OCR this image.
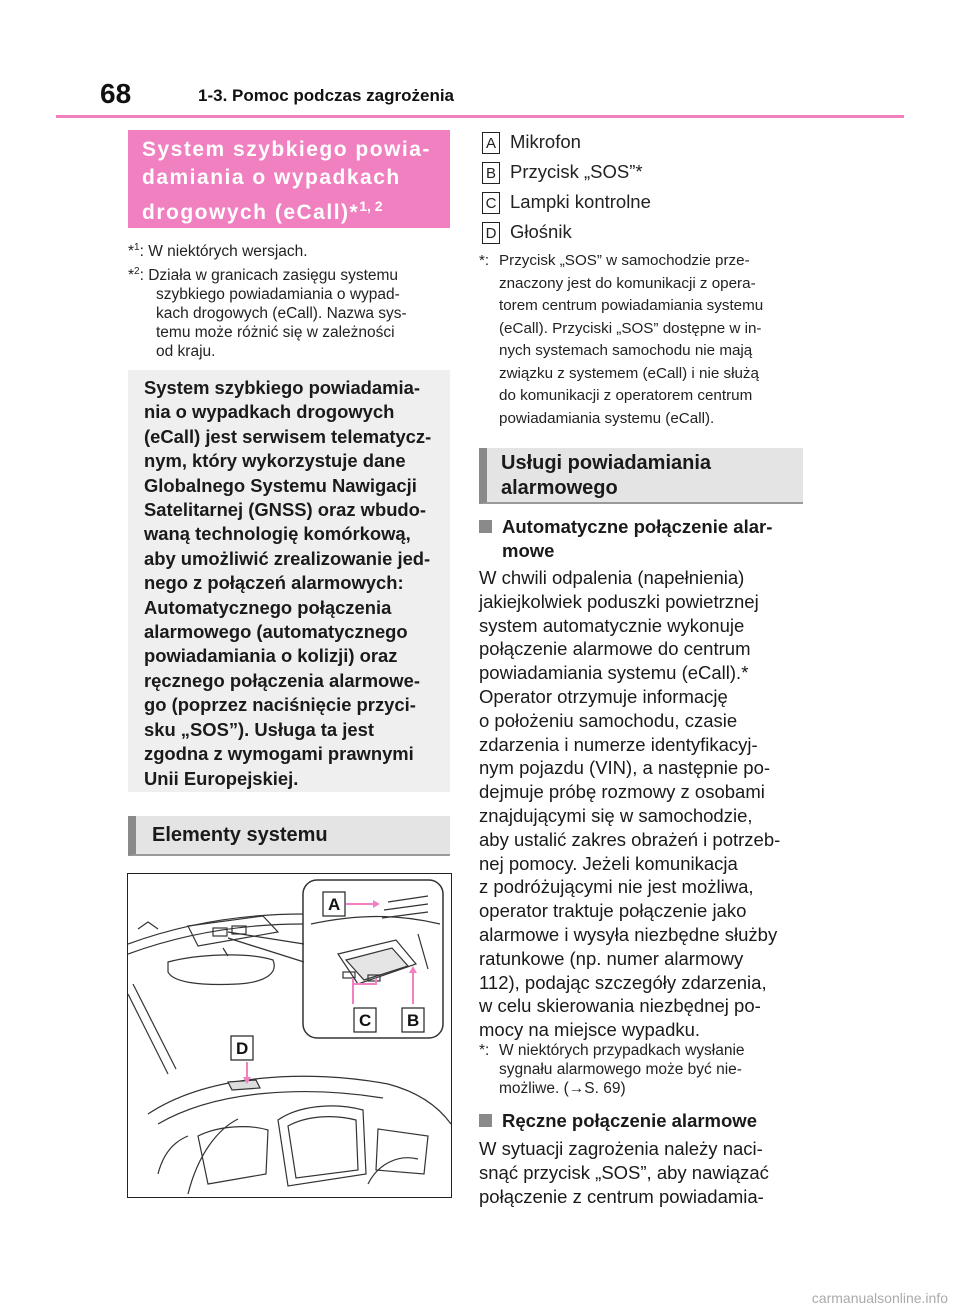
68	1-3. Pomoc podczas zagrożenia
System szybkiego powia-
damiania o wypadkach
drogowych (eCall)*$^{1, 2}$
*$^1$: W niektórych wersjach.
*$^2$: Działa w granicach zasięgu systemu
szybkiego powiadamiania o wypad-
kach drogowych (eCall). Nazwa sys-
temu może różnić się w zależności
od kraju.
System szybkiego powiadamia-
nia o wypadkach drogowych
(eCall) jest serwisem telematycz-
nym, który wykorzystuje dane
Globalnego Systemu Nawigacji
Satelitarnej (GNSS) oraz wbudo-
waną technologię komórkową,
aby umożliwić zrealizowanie jed-
nego z połączeń alarmowych:
Automatycznego połączenia
alarmowego (automatycznego
powiadamiania o kolizji) oraz
ręcznego połączenia alarmowe-
go (poprzez naciśnięcie przyci-
sku „SOS”). Usługa ta jest
zgodna z wymogami prawnymi
Unii Europejskiej.
Elementy systemu
A
C B
D
A Mikrofon
B Przycisk „SOS”*
C Lampki kontrolne
D Głośnik
*: Przycisk „SOS” w samochodzie prze-
znaczony jest do komunikacji z opera-
torem centrum powiadamiania systemu
(eCall). Przyciski „SOS” dostępne w in-
nych systemach samochodu nie mają
związku z systemem (eCall) i nie służą
do komunikacji z operatorem centrum
powiadamiania systemu (eCall).
Usługi powiadamiania
alarmowego
Automatyczne połączenie alar-
mowe
W chwili odpalenia (napełnienia)
jakiejkolwiek poduszki powietrznej
system automatycznie wykonuje
połączenie alarmowe do centrum
powiadamiania systemu (eCall).*
Operator otrzymuje informację
o położeniu samochodu, czasie
zdarzenia i numerze identyfikacyj-
nym pojazdu (VIN), a następnie po-
dejmuje próbę rozmowy z osobami
znajdującymi się w samochodzie,
aby ustalić zakres obrażeń i potrzeb-
nej pomocy. Jeżeli komunikacja
z podróżującymi nie jest możliwa,
operator traktuje połączenie jako
alarmowe i wysyła niezbędne służby
ratunkowe (np. numer alarmowy
112), podając szczegóły zdarzenia,
w celu skierowania niezbędnej po-
mocy na miejsce wypadku.
*: W niektórych przypadkach wysłanie
sygnału alarmowego może być nie-
możliwe. (→S. 69)
Ręczne połączenie alarmowe
W sytuacji zagrożenia należy naci-
snąć przycisk „SOS”, aby nawiązać
połączenie z centrum powiadamia-
carmanualsonline.info
